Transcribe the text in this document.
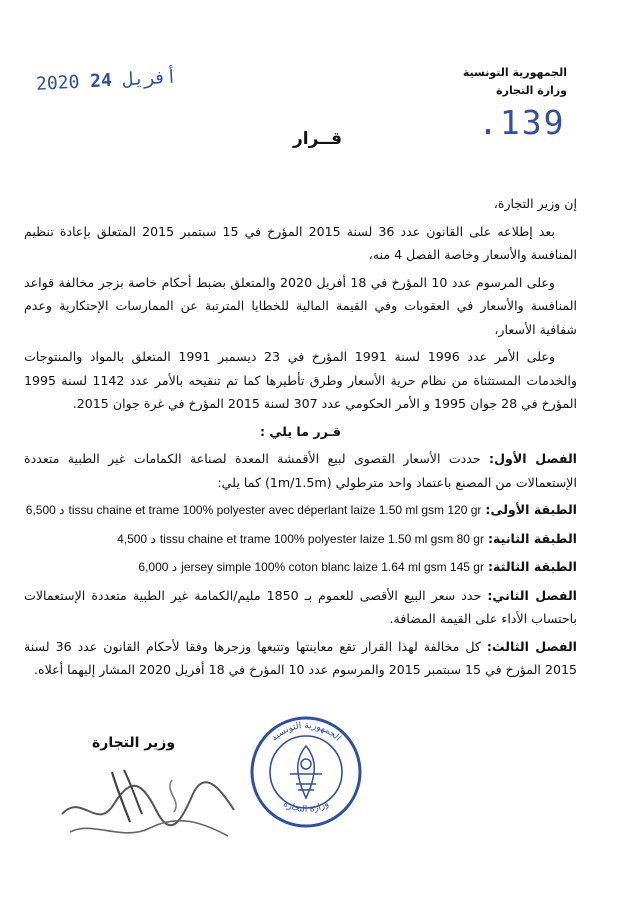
الجمهورية التونسية
وزارة التجارة
2020 أفريل 24
.139
قــرار

إن وزير التجارة،

بعد إطلاعه على القانون عدد 36 لسنة 2015 المؤرخ في 15 سبتمبر 2015 المتعلق بإعادة تنظيم المنافسة والأسعار وخاصة الفصل 4 منه،

وعلى المرسوم عدد 10 المؤرخ في 18 أفريل 2020 والمتعلق بضبط أحكام خاصة بزجر مخالفة قواعد المنافسة والأسعار في العقوبات وفي القيمة المالية للخطايا المترتبة عن الممارسات الإحتكارية وعدم شفافية الأسعار،

وعلى الأمر عدد 1996 لسنة 1991 المؤرخ في 23 ديسمبر 1991 المتعلق بالمواد والمنتوجات والخدمات المستثناة من نظام حرية الأسعار وطرق تأطيرها كما تم تنقيحه بالأمر عدد 1142 لسنة 1995 المؤرخ في 28 جوان 1995 و الأمر الحكومي عدد 307 لسنة 2015 المؤرخ في غرة جوان 2015.

قـرر ما يلي :

الفصل الأول: حددت الأسعار القصوى لبيع الأقمشة المعدة لصناعة الكمامات غير الطبية متعددة الإستعمالات من المصنع باعتماد واحد مترطولي (1m/1.5m) كما يلي:

الطبقة الأولى: tissu chaine et trame 100% polyester avec déperlant laize 1.50 ml gsm 120 gr 6,500 د

الطبقة الثانية: tissu chaine et trame 100% polyester laize 1.50 ml gsm 80 gr 4,500 د

الطبقة الثالثة: jersey simple 100% coton blanc laize 1.64 ml gsm 145 gr 6,000 د

الفصل الثاني: حدد سعر البيع الأقصى للعموم بـ 1850 مليم/الكمامة غير الطبية متعددة الإستعمالات باحتساب الأداء على القيمة المضافة.

الفصل الثالث: كل مخالفة لهذا القرار تقع معاينتها وتتبعها وزجرها وفقا لأحكام القانون عدد 36 لسنة 2015 المؤرخ في 15 سبتمبر 2015 والمرسوم عدد 10 المؤرخ في 18 أفريل 2020 المشار إليهما أعلاه.

وزير التجارة	الجمهورية التونسية
وزارة التجارة
